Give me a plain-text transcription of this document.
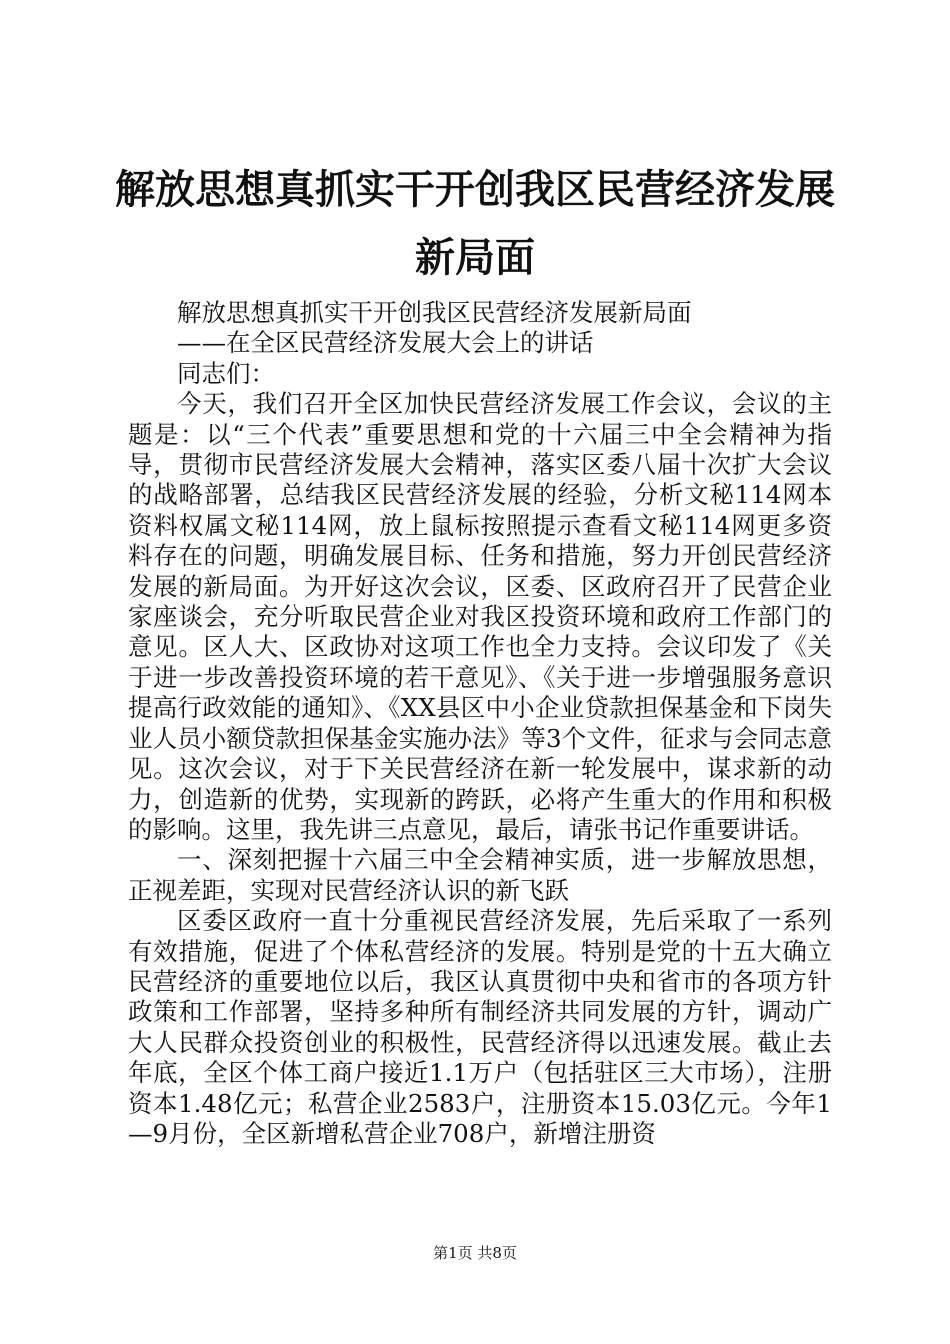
解放思想真抓实干开创我区民营经济发展新局面

解放思想真抓实干开创我区民营经济发展新局面

——在全区民营经济发展大会上的讲话

同志们：

今天，我们召开全区加快民营经济发展工作会议，会议的主题是：以“三个代表”重要思想和党的十六届三中全会精神为指导，贯彻市民营经济发展大会精神，落实区委八届十次扩大会议的战略部署，总结我区民营经济发展的经验，分析文秘114网本资料权属文秘114网，放上鼠标按照提示查看文秘114网更多资料存在的问题，明确发展目标、任务和措施，努力开创民营经济发展的新局面。为开好这次会议，区委、区政府召开了民营企业家座谈会，充分听取民营企业对我区投资环境和政府工作部门的意见。区人大、区政协对这项工作也全力支持。会议印发了《关于进一步改善投资环境的若干意见》、《关于进一步增强服务意识提高行政效能的通知》、《XX县区中小企业贷款担保基金和下岗失业人员小额贷款担保基金实施办法》等3个文件，征求与会同志意见。这次会议，对于下关民营经济在新一轮发展中，谋求新的动力，创造新的优势，实现新的跨跃，必将产生重大的作用和积极的影响。这里，我先讲三点意见，最后，请张书记作重要讲话。

一、深刻把握十六届三中全会精神实质，进一步解放思想，正视差距，实现对民营经济认识的新飞跃

区委区政府一直十分重视民营经济发展，先后采取了一系列有效措施，促进了个体私营经济的发展。特别是党的十五大确立民营经济的重要地位以后，我区认真贯彻中央和省市的各项方针政策和工作部署，坚持多种所有制经济共同发展的方针，调动广大人民群众投资创业的积极性，民营经济得以迅速发展。截止去年底，全区个体工商户接近1.1万户（包括驻区三大市场），注册资本1.48亿元；私营企业2583户，注册资本15.03亿元。今年1—9月份，全区新增私营企业708户，新增注册资

第1页 共8页
